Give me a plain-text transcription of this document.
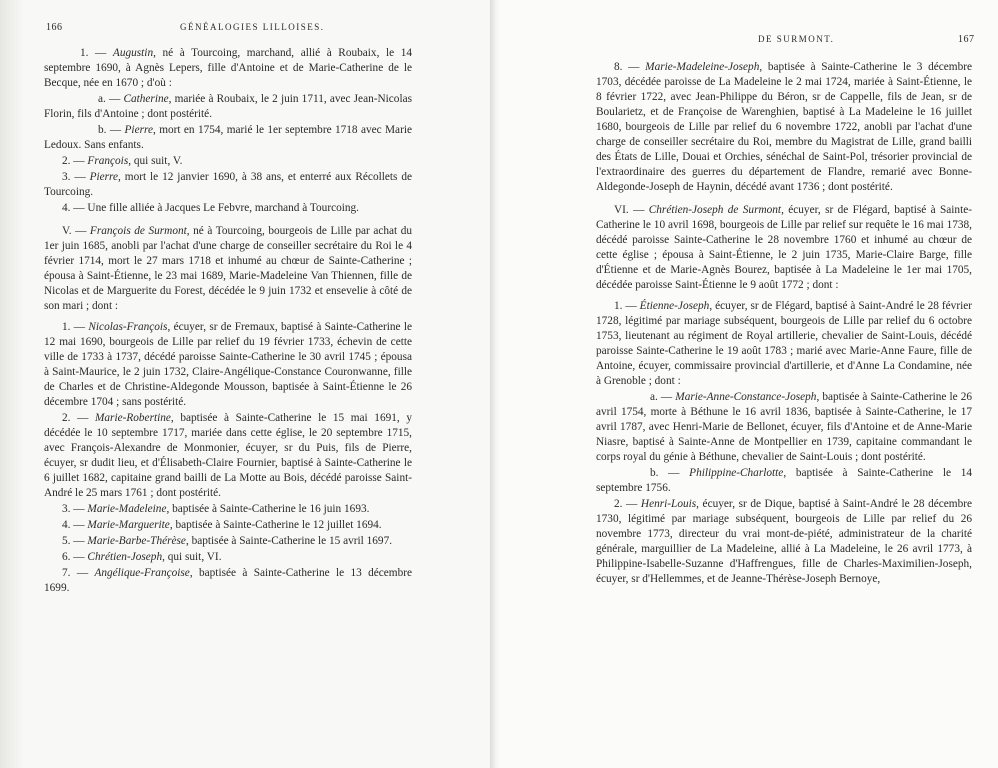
166	GÉNÉALOGIES LILLOISES.

1. — Augustin, né à Tourcoing, marchand, allié à Roubaix, le 14 septembre 1690, à Agnès Lepers, fille d'Antoine et de Marie-Catherine de le Becque, née en 1670 ; d'où :

a. — Catherine, mariée à Roubaix, le 2 juin 1711, avec Jean-Nicolas Florin, fils d'Antoine ; dont postérité.

b. — Pierre, mort en 1754, marié le 1er septembre 1718 avec Marie Ledoux. Sans enfants.

2. — François, qui suit, V.

3. — Pierre, mort le 12 janvier 1690, à 38 ans, et enterré aux Récollets de Tourcoing.

4. — Une fille alliée à Jacques Le Febvre, marchand à Tourcoing.

V. — François de Surmont, né à Tourcoing, bourgeois de Lille par achat du 1er juin 1685, anobli par l'achat d'une charge de conseiller secrétaire du Roi le 4 février 1714, mort le 27 mars 1718 et inhumé au chœur de Sainte-Catherine ; épousa à Saint-Étienne, le 23 mai 1689, Marie-Madeleine Van Thiennen, fille de Nicolas et de Marguerite du Forest, décédée le 9 juin 1732 et ensevelie à côté de son mari ; dont :

1. — Nicolas-François, écuyer, sr de Fremaux, baptisé à Sainte-Catherine le 12 mai 1690, bourgeois de Lille par relief du 19 février 1733, échevin de cette ville de 1733 à 1737, décédé paroisse Sainte-Catherine le 30 avril 1745 ; épousa à Saint-Maurice, le 2 juin 1732, Claire-Angélique-Constance Couronwanne, fille de Charles et de Christine-Aldegonde Mousson, baptisée à Saint-Étienne le 26 décembre 1704 ; sans postérité.

2. — Marie-Robertine, baptisée à Sainte-Catherine le 15 mai 1691, y décédée le 10 septembre 1717, mariée dans cette église, le 20 septembre 1715, avec François-Alexandre de Monmonier, écuyer, sr du Puis, fils de Pierre, écuyer, sr dudit lieu, et d'Élisabeth-Claire Fournier, baptisé à Sainte-Catherine le 6 juillet 1682, capitaine grand bailli de La Motte au Bois, décédé paroisse Saint-André le 25 mars 1761 ; dont postérité.

3. — Marie-Madeleine, baptisée à Sainte-Catherine le 16 juin 1693.

4. — Marie-Marguerite, baptisée à Sainte-Catherine le 12 juillet 1694.

5. — Marie-Barbe-Thérèse, baptisée à Sainte-Catherine le 15 avril 1697.

6. — Chrétien-Joseph, qui suit, VI.

7. — Angélique-Françoise, baptisée à Sainte-Catherine le 13 décembre 1699.

DE SURMONT.	167

8. — Marie-Madeleine-Joseph, baptisée à Sainte-Catherine le 3 décembre 1703, décédée paroisse de La Madeleine le 2 mai 1724, mariée à Saint-Étienne, le 8 février 1722, avec Jean-Philippe du Béron, sr de Cappelle, fils de Jean, sr de Boularietz, et de Françoise de Warenghien, baptisé à La Madeleine le 16 juillet 1680, bourgeois de Lille par relief du 6 novembre 1722, anobli par l'achat d'une charge de conseiller secrétaire du Roi, membre du Magistrat de Lille, grand bailli des États de Lille, Douai et Orchies, sénéchal de Saint-Pol, trésorier provincial de l'extraordinaire des guerres du département de Flandre, remarié avec Bonne-Aldegonde-Joseph de Haynin, décédé avant 1736 ; dont postérité.

VI. — Chrétien-Joseph de Surmont, écuyer, sr de Flégard, baptisé à Sainte-Catherine le 10 avril 1698, bourgeois de Lille par relief sur requête le 16 mai 1738, décédé paroisse Sainte-Catherine le 28 novembre 1760 et inhumé au chœur de cette église ; épousa à Saint-Étienne, le 2 juin 1735, Marie-Claire Barge, fille d'Étienne et de Marie-Agnès Bourez, baptisée à La Madeleine le 1er mai 1705, décédée paroisse Saint-Étienne le 9 août 1772 ; dont :

1. — Étienne-Joseph, écuyer, sr de Flégard, baptisé à Saint-André le 28 février 1728, légitimé par mariage subséquent, bourgeois de Lille par relief du 6 octobre 1753, lieutenant au régiment de Royal artillerie, chevalier de Saint-Louis, décédé paroisse Sainte-Catherine le 19 août 1783 ; marié avec Marie-Anne Faure, fille de Antoine, écuyer, commissaire provincial d'artillerie, et d'Anne La Condamine, née à Grenoble ; dont :

a. — Marie-Anne-Constance-Joseph, baptisée à Sainte-Catherine le 26 avril 1754, morte à Béthune le 16 avril 1836, baptisée à Sainte-Catherine, le 17 avril 1787, avec Henri-Marie de Bellonet, écuyer, fils d'Antoine et de Anne-Marie Niasre, baptisé à Sainte-Anne de Montpellier en 1739, capitaine commandant le corps royal du génie à Béthune, chevalier de Saint-Louis ; dont postérité.

b. — Philippine-Charlotte, baptisée à Sainte-Catherine le 14 septembre 1756.

2. — Henri-Louis, écuyer, sr de Dique, baptisé à Saint-André le 28 décembre 1730, légitimé par mariage subséquent, bourgeois de Lille par relief du 26 novembre 1773, directeur du vrai mont-de-piété, administrateur de la charité générale, marguillier de La Madeleine, allié à La Madeleine, le 26 avril 1773, à Philippine-Isabelle-Suzanne d'Haffrengues, fille de Charles-Maximilien-Joseph, écuyer, sr d'Hellemmes, et de Jeanne-Thérèse-Joseph Bernoye,
